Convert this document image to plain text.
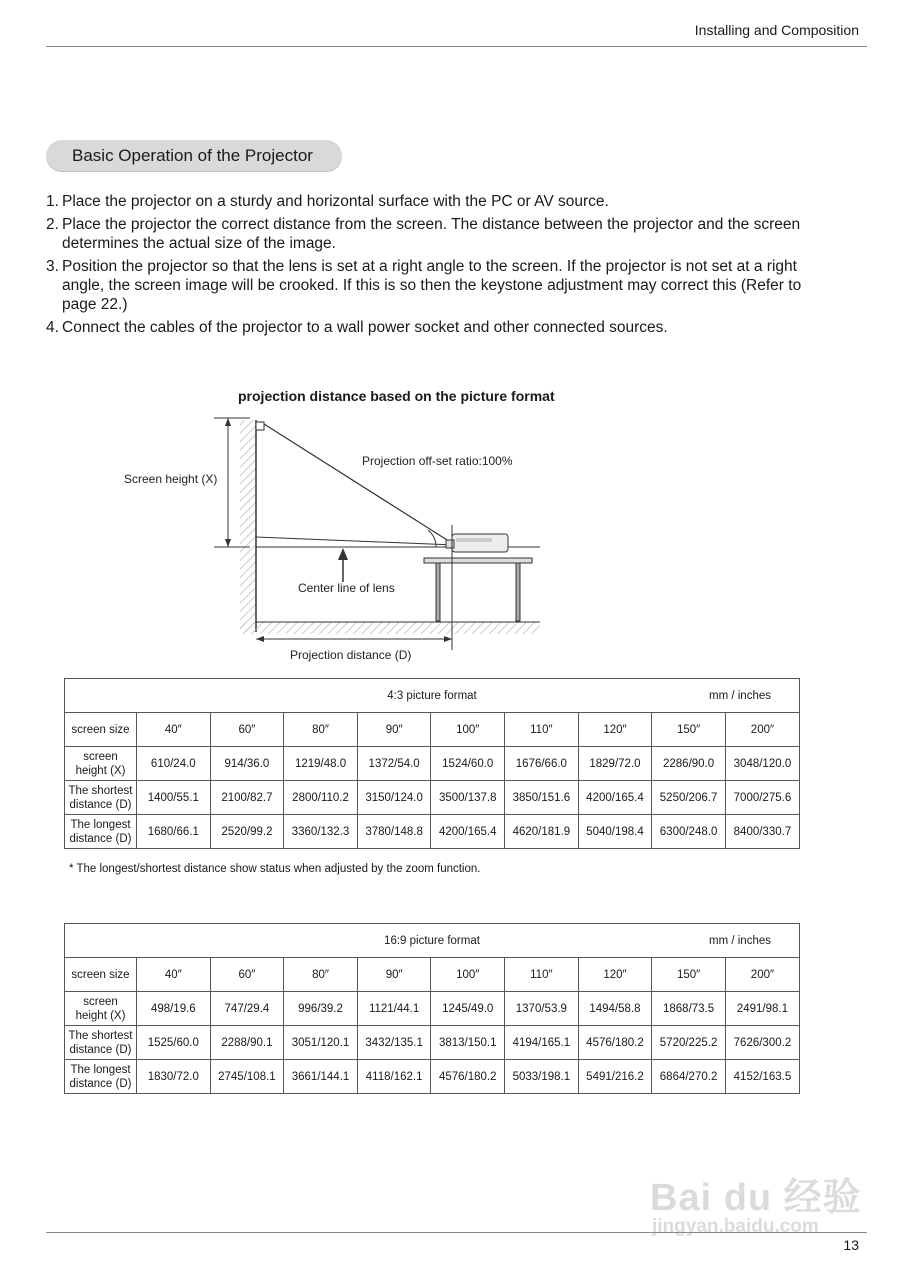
Installing and Composition
Basic Operation of the Projector
1. Place the projector on a sturdy and horizontal surface with the PC or AV source.
2. Place the projector the correct distance from the screen. The distance between the projector and the screen determines the actual size of the image.
3. Position the projector so that the lens is set at a right angle to the screen. If the projector is not set at a right angle, the screen image will be crooked. If this is so then the keystone adjustment may correct this (Refer to page 22.)
4. Connect the cables of the projector to a wall power socket and other connected sources.
projection distance based on the picture format
Screen height (X)
Projection off-set ratio:100%
Center line of lens
Projection distance (D)
4:3 picture format	mm / inches
screen size	40″	60″	80″	90″	100″	110″	120″	150″	200″
screen height (X)	610/24.0	914/36.0	1219/48.0	1372/54.0	1524/60.0	1676/66.0	1829/72.0	2286/90.0	3048/120.0
The shortest distance (D)	1400/55.1	2100/82.7	2800/110.2	3150/124.0	3500/137.8	3850/151.6	4200/165.4	5250/206.7	7000/275.6
The longest distance (D)	1680/66.1	2520/99.2	3360/132.3	3780/148.8	4200/165.4	4620/181.9	5040/198.4	6300/248.0	8400/330.7
* The longest/shortest distance show status when adjusted by the zoom function.
16:9 picture format	mm / inches
screen size	40″	60″	80″	90″	100″	110″	120″	150″	200″
screen height (X)	498/19.6	747/29.4	996/39.2	1121/44.1	1245/49.0	1370/53.9	1494/58.8	1868/73.5	2491/98.1
The shortest distance (D)	1525/60.0	2288/90.1	3051/120.1	3432/135.1	3813/150.1	4194/165.1	4576/180.2	5720/225.2	7626/300.2
The longest distance (D)	1830/72.0	2745/108.1	3661/144.1	4118/162.1	4576/180.2	5033/198.1	5491/216.2	6864/270.2	4152/163.5
Bai du 经验
jingyan.baidu.com
13
